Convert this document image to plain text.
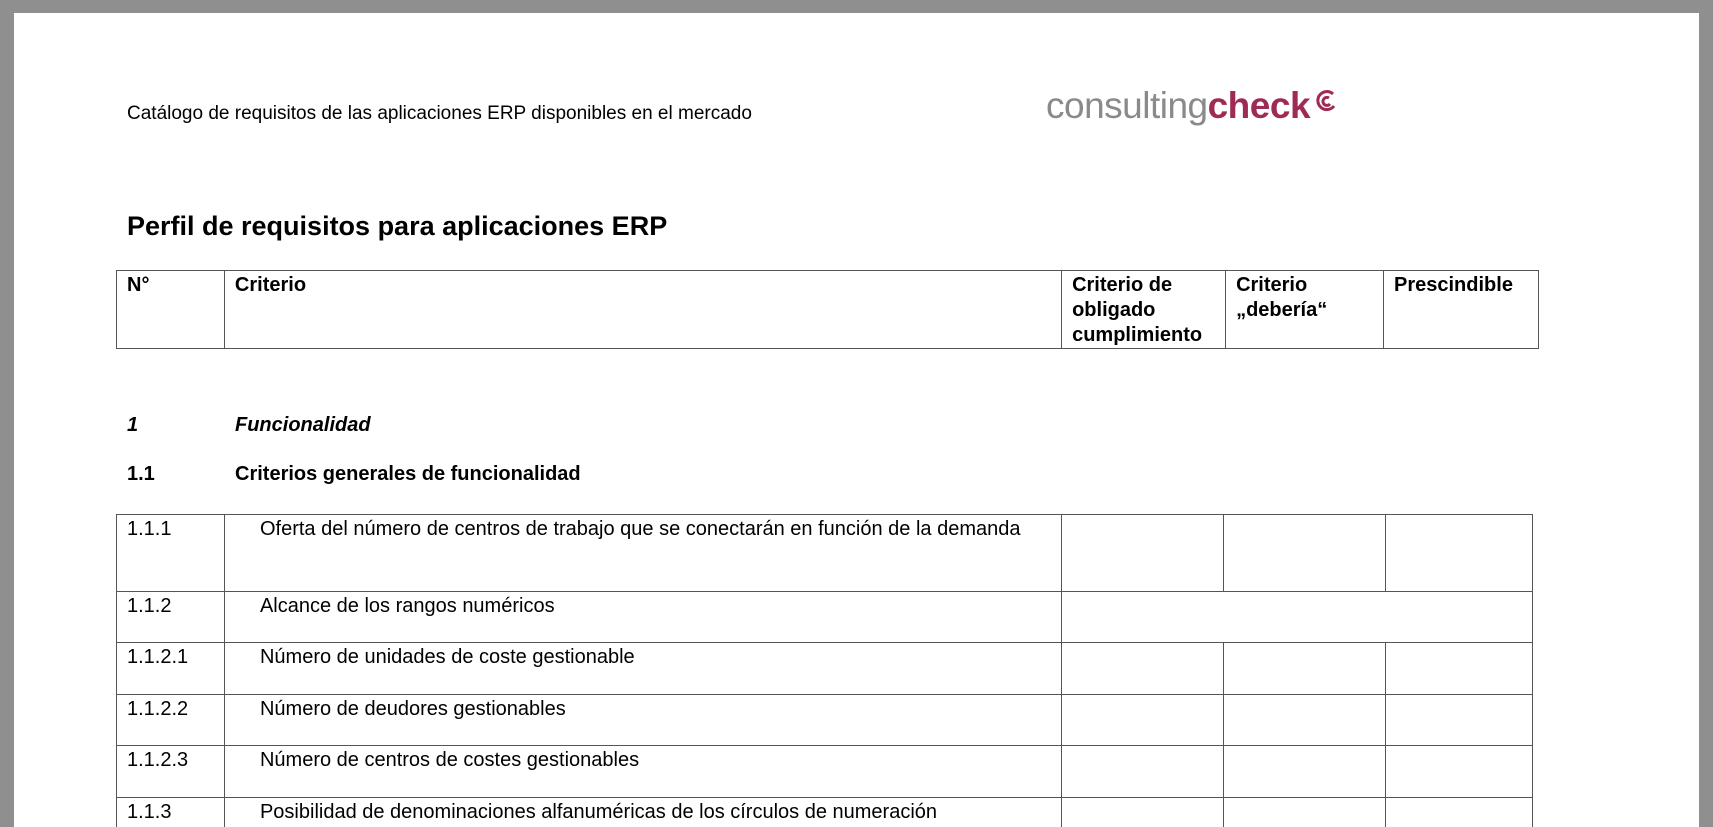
Catálogo de requisitos de las aplicaciones ERP disponibles en el mercado	consulting check
Perfil de requisitos para aplicaciones ERP
N°	Criterio	Criterio de obligado cumplimiento	Criterio „debería“	Prescindible
1	Funcionalidad
1.1	Criterios generales de funcionalidad
1.1.1	Oferta del número de centros de trabajo que se conectarán en función de la demanda			
1.1.2	Alcance de los rangos numéricos			
1.1.2.1	Número de unidades de coste gestionable			
1.1.2.2	Número de deudores gestionables			
1.1.2.3	Número de centros de costes gestionables			
1.1.3	Posibilidad de denominaciones alfanuméricas de los círculos de numeración			
